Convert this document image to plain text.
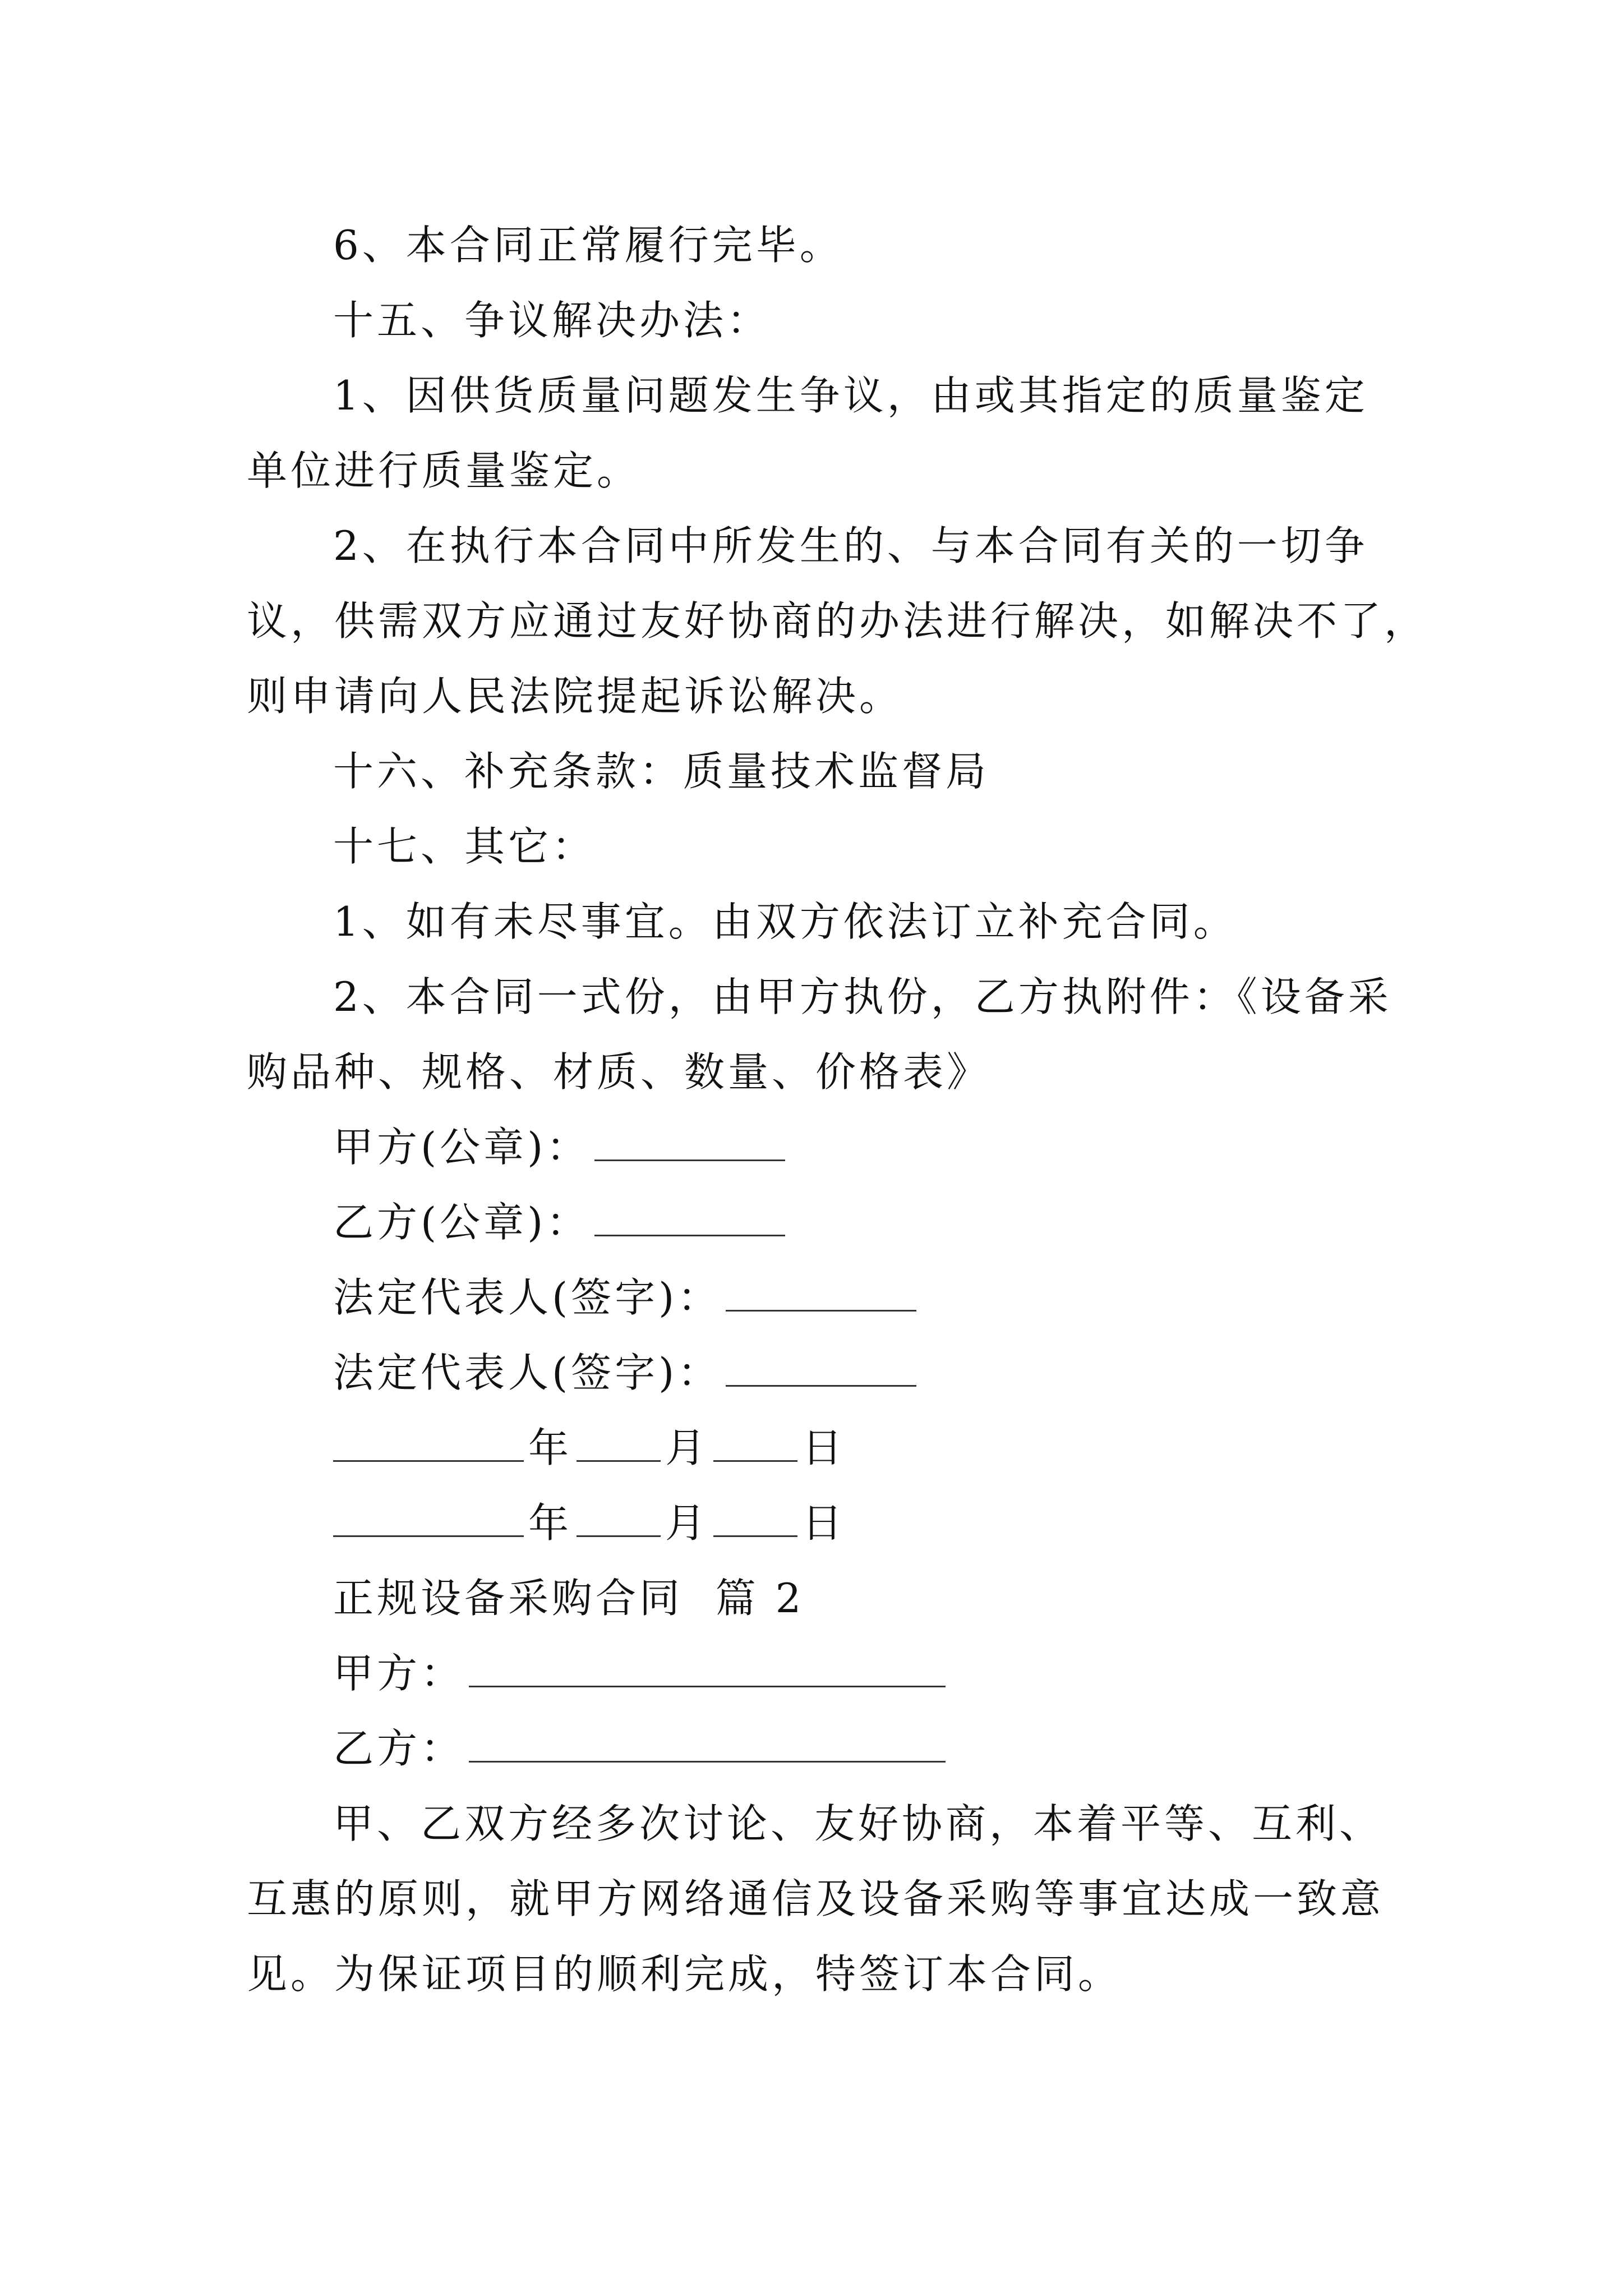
6、本合同正常履行完毕。

十五、争议解决办法：

1、因供货质量问题发生争议，由或其指定的质量鉴定

单位进行质量鉴定。

2、在执行本合同中所发生的、与本合同有关的一切争

议，供需双方应通过友好协商的办法进行解决，如解决不了，

则申请向人民法院提起诉讼解决。

十六、补充条款：质量技术监督局

十七、其它：

1、如有未尽事宜。由双方依法订立补充合同。

2、本合同一式份，由甲方执份，乙方执附件：《设备采

购品种、规格、材质、数量、价格表》

甲方(公章)：

乙方(公章)：

法定代表人(签字)：

法定代表人(签字)：

年 月 日

年 月 日

正规设备采购合同  篇 2

甲方：

乙方：

甲、乙双方经多次讨论、友好协商，本着平等、互利、

互惠的原则，就甲方网络通信及设备采购等事宜达成一致意

见。为保证项目的顺利完成，特签订本合同。
